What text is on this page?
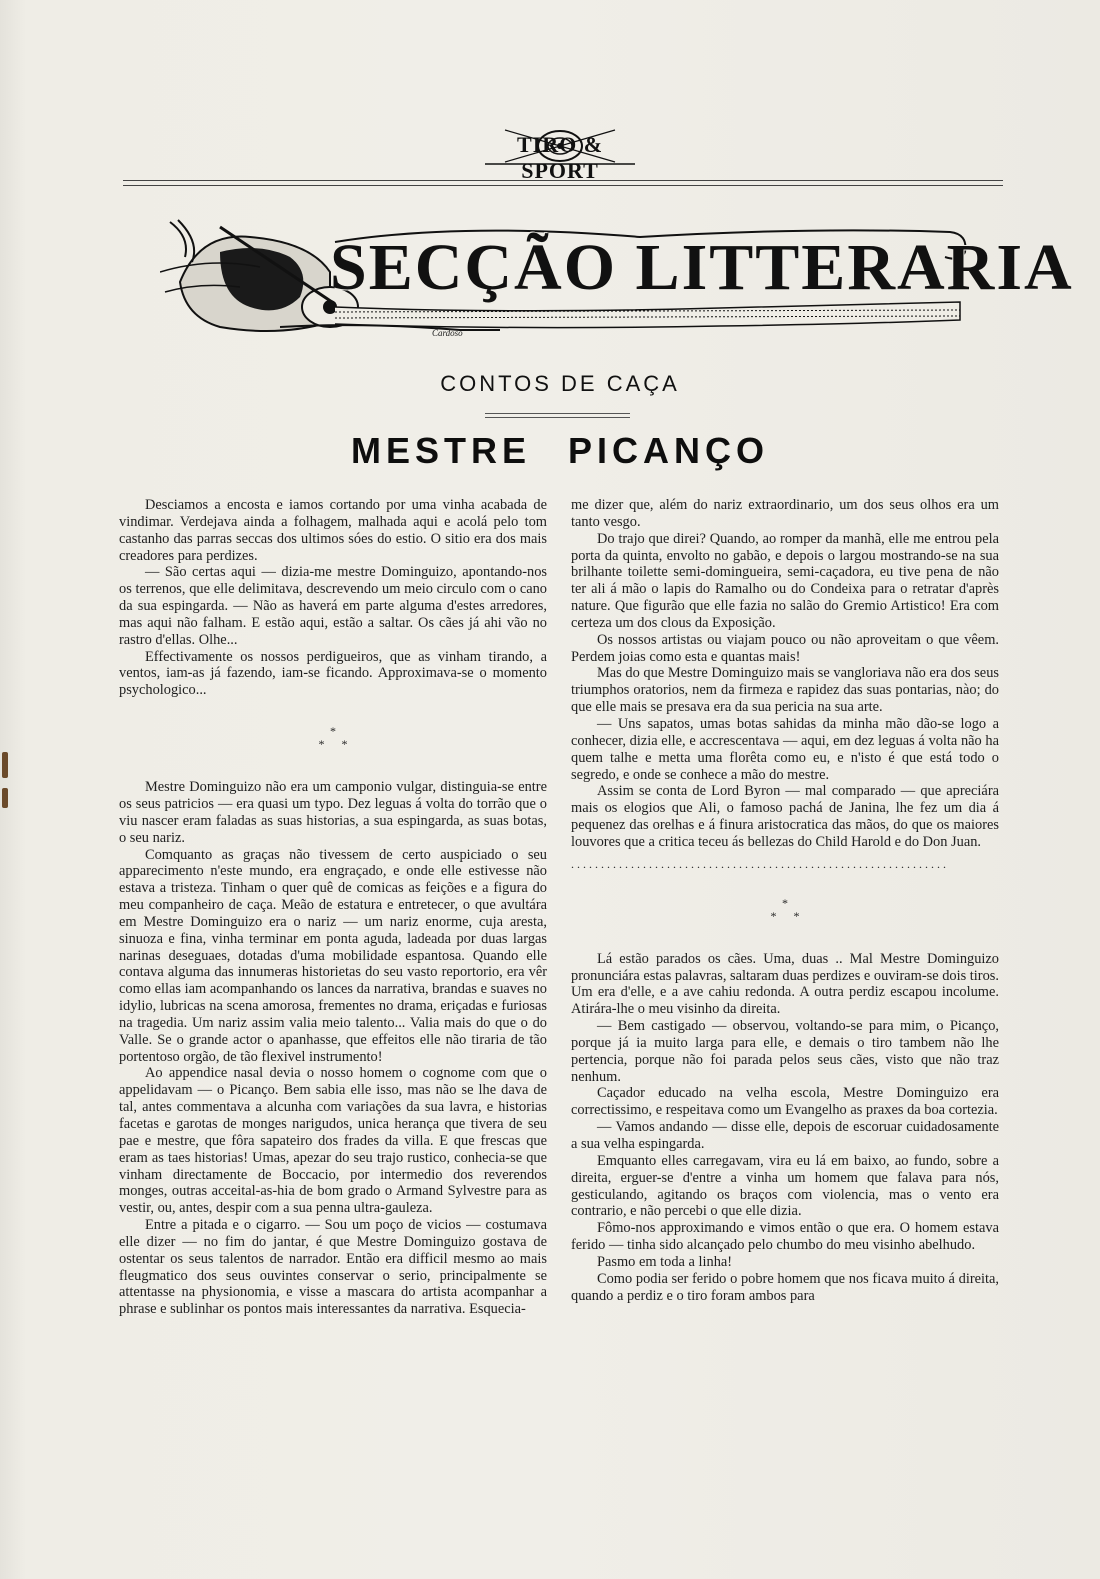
TIRO & SPORT
SECÇÃO LITTERARIA
Cardoso
CONTOS DE CAÇA
MESTRE PICANÇO

Desciamos a encosta e iamos cortando por uma vinha acabada de vindimar. Verdejava ainda a folhagem, malhada aqui e acolá pelo tom castanho das parras seccas dos ultimos sóes do estio. O sitio era dos mais creadores para perdizes.

— São certas aqui — dizia-me mestre Dominguizo, apontando-nos os terrenos, que elle delimitava, descrevendo um meio circulo com o cano da sua espingarda. — Não as haverá em parte alguma d'estes arredores, mas aqui não falham. E estão aqui, estão a saltar. Os cães já ahi vão no rastro d'ellas. Olhe...

Effectivamente os nossos perdigueiros, que as vinham tirando, a ventos, iam-as já fazendo, iam-se ficando. Approximava-se o momento psychologico...

*
* *

Mestre Dominguizo não era um camponio vulgar, distinguia-se entre os seus patricios — era quasi um typo. Dez leguas á volta do torrão que o viu nascer eram faladas as suas historias, a sua espingarda, as suas botas, o seu nariz.

Comquanto as graças não tivessem de certo auspiciado o seu apparecimento n'este mundo, era engraçado, e onde elle estivesse não estava a tristeza. Tinham o quer quê de comicas as feições e a figura do meu companheiro de caça. Meão de estatura e entretecer, o que avultára em Mestre Dominguizo era o nariz — um nariz enorme, cuja aresta, sinuoza e fina, vinha terminar em ponta aguda, ladeada por duas largas narinas deseguaes, dotadas d'uma mobilidade espantosa. Quando elle contava alguma das innumeras historietas do seu vasto reportorio, era vêr como ellas iam acompanhando os lances da narrativa, brandas e suaves no idylio, lubricas na scena amorosa, frementes no drama, eriçadas e furiosas na tragedia. Um nariz assim valia meio talento... Valia mais do que o do Valle. Se o grande actor o apanhasse, que effeitos elle não tiraria de tão portentoso orgão, de tão flexivel instrumento!

Ao appendice nasal devia o nosso homem o cognome com que o appelidavam — o Picanço. Bem sabia elle isso, mas não se lhe dava de tal, antes commentava a alcunha com variações da sua lavra, e historias facetas e garotas de monges narigudos, unica herança que tivera de seu pae e mestre, que fôra sapateiro dos frades da villa. E que frescas que eram as taes historias! Umas, apezar do seu trajo rustico, conhecia-se que vinham directamente de Boccacio, por intermedio dos reverendos monges, outras acceital-as-hia de bom grado o Armand Sylvestre para as vestir, ou, antes, despir com a sua penna ultra-gauleza.

Entre a pitada e o cigarro. — Sou um poço de vicios — costumava elle dizer — no fim do jantar, é que Mestre Dominguizo gostava de ostentar os seus talentos de narrador. Então era difficil mesmo ao mais fleugmatico dos seus ouvintes conservar o serio, principalmente se attentasse na physionomia, e visse a mascara do artista acompanhar a phrase e sublinhar os pontos mais interessantes da narrativa. Esquecia-

me dizer que, além do nariz extraordinario, um dos seus olhos era um tanto vesgo.

Do trajo que direi? Quando, ao romper da manhã, elle me entrou pela porta da quinta, envolto no gabão, e depois o largou mostrando-se na sua brilhante toilette semi-domingueira, semi-caçadora, eu tive pena de não ter ali á mão o lapis do Ramalho ou do Condeixa para o retratar d'après nature. Que figurão que elle fazia no salão do Gremio Artistico! Era com certeza um dos clous da Exposição.

Os nossos artistas ou viajam pouco ou não aproveitam o que vêem. Perdem joias como esta e quantas mais!

Mas do que Mestre Dominguizo mais se vangloriava não era dos seus triumphos oratorios, nem da firmeza e rapidez das suas pontarias, nào; do que elle mais se presava era da sua pericia na sua arte.

— Uns sapatos, umas botas sahidas da minha mão dão-se logo a conhecer, dizia elle, e accrescentava — aqui, em dez leguas á volta não ha quem talhe e metta uma florêta como eu, e n'isto é que está todo o segredo, e onde se conhece a mão do mestre.

Assim se conta de Lord Byron — mal comparado — que apreciára mais os elogios que Ali, o famoso pachá de Janina, lhe fez um dia á pequenez das orelhas e á finura aristocratica das mãos, do que os maiores louvores que a critica teceu ás bellezas do Child Harold e do Don Juan.

...............................................................
*
* *

Lá estão parados os cães. Uma, duas .. Mal Mestre Dominguizo pronunciára estas palavras, saltaram duas perdizes e ouviram-se dois tiros. Um era d'elle, e a ave cahiu redonda. A outra perdiz escapou incolume. Atirára-lhe o meu visinho da direita.

— Bem castigado — observou, voltando-se para mim, o Picanço, porque já ia muito larga para elle, e demais o tiro tambem não lhe pertencia, porque não foi parada pelos seus cães, visto que não traz nenhum.

Caçador educado na velha escola, Mestre Dominguizo era correctissimo, e respeitava como um Evangelho as praxes da boa cortezia.

— Vamos andando — disse elle, depois de escoruar cuidadosamente a sua velha espingarda.

Emquanto elles carregavam, vira eu lá em baixo, ao fundo, sobre a direita, erguer-se d'entre a vinha um homem que falava para nós, gesticulando, agitando os braços com violencia, mas o vento era contrario, e não percebi o que elle dizia.

Fômo-nos approximando e vimos então o que era. O homem estava ferido — tinha sido alcançado pelo chumbo do meu visinho abelhudo.

Pasmo em toda a linha!

Como podia ser ferido o pobre homem que nos ficava muito á direita, quando a perdiz e o tiro foram ambos para
